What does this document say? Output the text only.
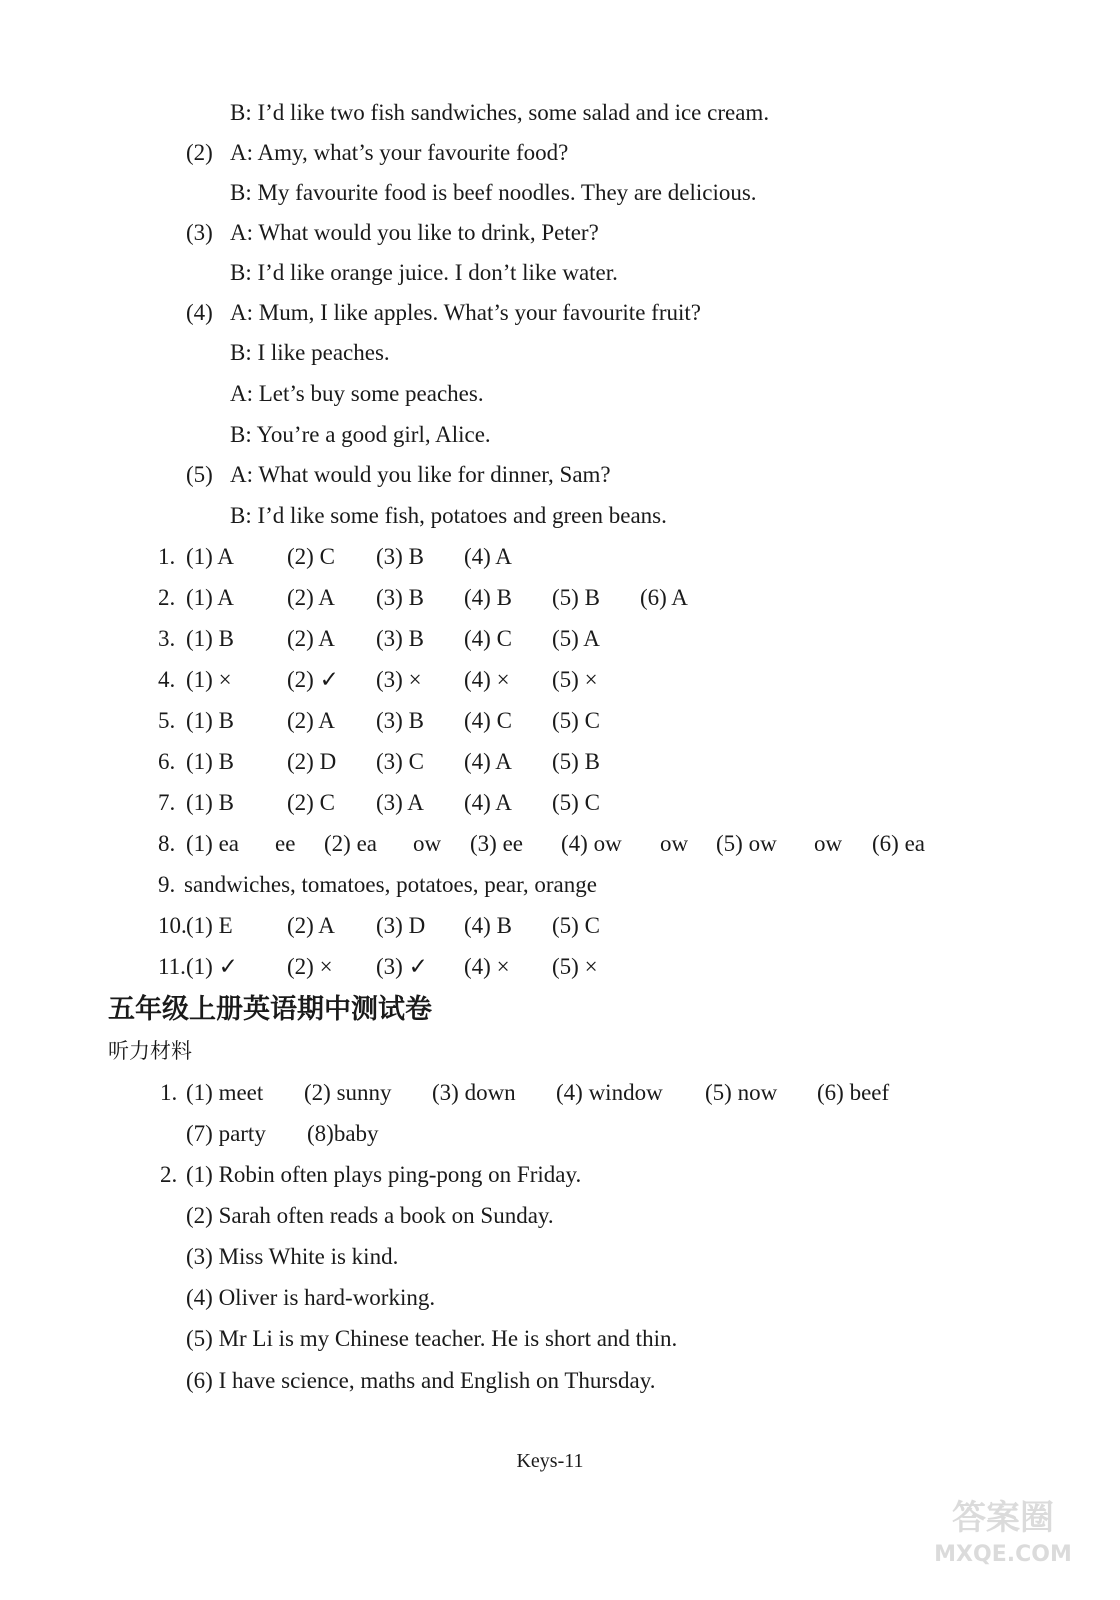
B: I’d like two fish sandwiches, some salad and ice cream.
(2) A: Amy, what’s your favourite food?
B: My favourite food is beef noodles. They are delicious.
(3) A: What would you like to drink, Peter?
B: I’d like orange juice. I don’t like water.
(4) A: Mum, I like apples. What’s your favourite fruit?
B: I like peaches.
A: Let’s buy some peaches.
B: You’re a good girl, Alice.
(5) A: What would you like for dinner, Sam?
B: I’d like some fish, potatoes and green beans.
1. (1) A (2) C (3) B (4) A
2. (1) A (2) A (3) B (4) B (5) B (6) A
3. (1) B (2) A (3) B (4) C (5) A
4. (1) × (2) ✓ (3) × (4) × (5) ×
5. (1) B (2) A (3) B (4) C (5) C
6. (1) B (2) D (3) C (4) A (5) B
7. (1) B (2) C (3) A (4) A (5) C
8. (1) ea ee (2) ea ow (3) ee (4) ow ow (5) ow ow (6) ea
9. sandwiches, tomatoes, potatoes, pear, orange
10. (1) E (2) A (3) D (4) B (5) C
11. (1) ✓ (2) × (3) ✓ (4) × (5) ×
五年级上册英语期中测试卷
听力材料
1. (1) meet (2) sunny (3) down (4) window (5) now (6) beef
(7) party (8)baby
2. (1) Robin often plays ping-pong on Friday.
(2) Sarah often reads a book on Sunday.
(3) Miss White is kind.
(4) Oliver is hard-working.
(5) Mr Li is my Chinese teacher. He is short and thin.
(6) I have science, maths and English on Thursday.
Keys-11
答案圈
MXQE.COM
